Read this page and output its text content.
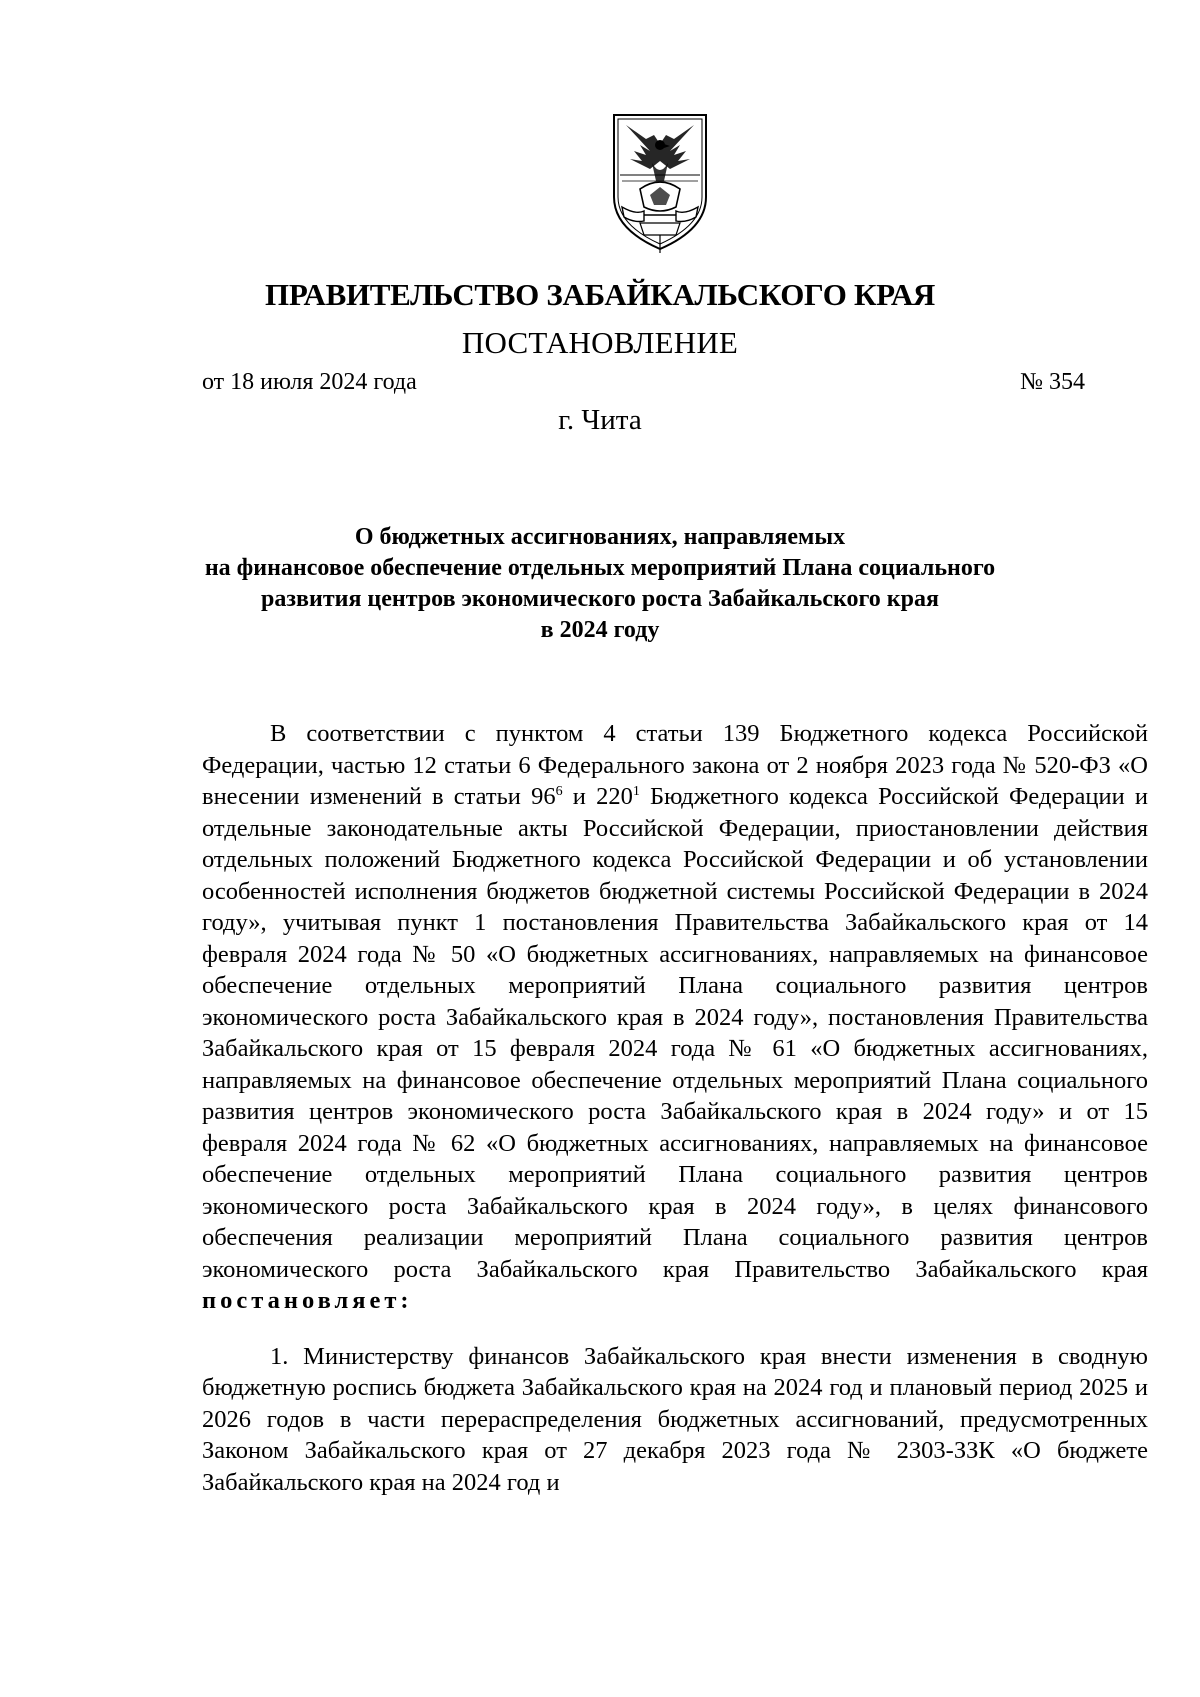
ПРАВИТЕЛЬСТВО ЗАБАЙКАЛЬСКОГО КРАЯ
ПОСТАНОВЛЕНИЕ
от 18 июля 2024 года	№ 354
г. Чита
О бюджетных ассигнованиях, направляемых
на финансовое обеспечение отдельных мероприятий Плана социального
развития центров экономического роста Забайкальского края
в 2024 году

В соответствии с пунктом 4 статьи 139 Бюджетного кодекса Российской Федерации, частью 12 статьи 6 Федерального закона от 2 ноября 2023 года № 520-ФЗ «О внесении изменений в статьи $96^6$ и $220^1$ Бюджетного кодекса Российской Федерации и отдельные законодательные акты Российской Федерации, приостановлении действия отдельных положений Бюджетного кодекса Российской Федерации и об установлении особенностей исполнения бюджетов бюджетной системы Российской Федерации в 2024 году», учитывая пункт 1 постановления Правительства Забайкальского края от 14 февраля 2024 года № 50 «О бюджетных ассигнованиях, направляемых на финансовое обеспечение отдельных мероприятий Плана социального развития центров экономического роста Забайкальского края в 2024 году», постановления Правительства Забайкальского края от 15 февраля 2024 года № 61 «О бюджетных ассигнованиях, направляемых на финансовое обеспечение отдельных мероприятий Плана социального развития центров экономического роста Забайкальского края в 2024 году» и от 15 февраля 2024 года № 62 «О бюджетных ассигнованиях, направляемых на финансовое обеспечение отдельных мероприятий Плана социального развития центров экономического роста Забайкальского края в 2024 году», в целях финансового обеспечения реализации мероприятий Плана социального развития центров экономического роста Забайкальского края Правительство Забайкальского края постановляет:

1. Министерству финансов Забайкальского края внести изменения в сводную бюджетную роспись бюджета Забайкальского края на 2024 год и плановый период 2025 и 2026 годов в части перераспределения бюджетных ассигнований, предусмотренных Законом Забайкальского края от 27 декабря 2023 года № 2303-ЗЗК «О бюджете Забайкальского края на 2024 год и
